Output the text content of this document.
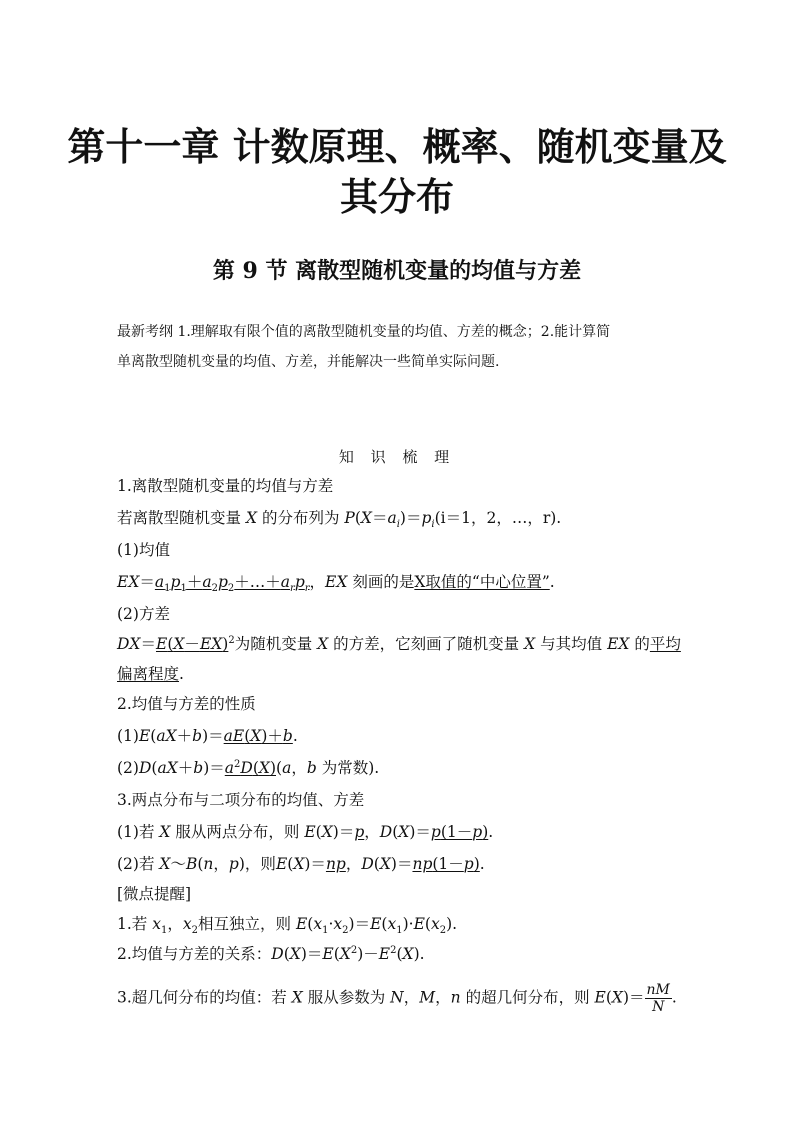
第十一章 计数原理、概率、随机变量及
其分布
第 9 节 离散型随机变量的均值与方差
最新考纲 1.理解取有限个值的离散型随机变量的均值、方差的概念；2.能计算简
单离散型随机变量的均值、方差，并能解决一些简单实际问题.
知 识 梳 理
1.离散型随机变量的均值与方差
若离散型随机变量 X 的分布列为 $P(X=a_i)=p_i(i=1$，2，…，r).
(1)均值
$EX=a_1p_1+a_2p_2+\dots+a_rp_r$，EX 刻画的是X取值的“中心位置”.
(2)方差
$DX=E(X-EX)^2$为随机变量 X 的方差，它刻画了随机变量 X 与其均值 EX 的平均
偏离程度.
2.均值与方差的性质
(1)E(aX＋b)＝aE(X)＋b.
$(2)D(aX+b)=a^2D(X)(a$，b 为常数).
3.两点分布与二项分布的均值、方差
(1)若 X 服从两点分布，则 E(X)＝p，D(X)＝p(1－p).
(2)若 X～B(n，p)，则E(X)＝np，D(X)＝np(1－p).
[微点提醒]
1.若 $x_1$，$x_2$相互独立，则 $E(x_1\cdot x_2)=E(x_1)\cdot E(x_2)$.
2.均值与方差的关系：$D(X)=E(X^2)-E^2(X)$.
3.超几何分布的均值：若 X 服从参数为 N，M，n 的超几何分布，则 $E(X)= \frac{nM}{N}$ .
